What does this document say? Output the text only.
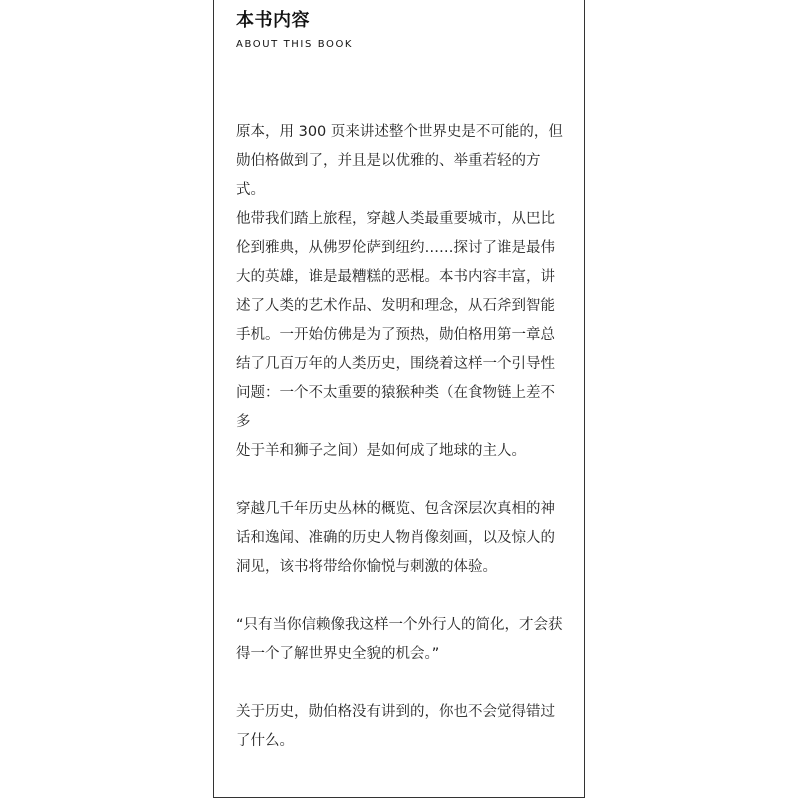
本书内容
ABOUT THIS BOOK

原本，用 300 页来讲述整个世界史是不可能的，但
勋伯格做到了，并且是以优雅的、举重若轻的方式。
他带我们踏上旅程，穿越人类最重要城市，从巴比
伦到雅典，从佛罗伦萨到纽约……探讨了谁是最伟
大的英雄，谁是最糟糕的恶棍。本书内容丰富，讲
述了人类的艺术作品、发明和理念，从石斧到智能
手机。一开始仿佛是为了预热，勋伯格用第一章总
结了几百万年的人类历史，围绕着这样一个引导性
问题：一个不太重要的猿猴种类（在食物链上差不多
处于羊和狮子之间）是如何成了地球的主人。

穿越几千年历史丛林的概览、包含深层次真相的神
话和逸闻、准确的历史人物肖像刻画，以及惊人的
洞见，该书将带给你愉悦与刺激的体验。

“只有当你信赖像我这样一个外行人的简化，才会获
得一个了解世界史全貌的机会。”

关于历史，勋伯格没有讲到的，你也不会觉得错过
了什么。
